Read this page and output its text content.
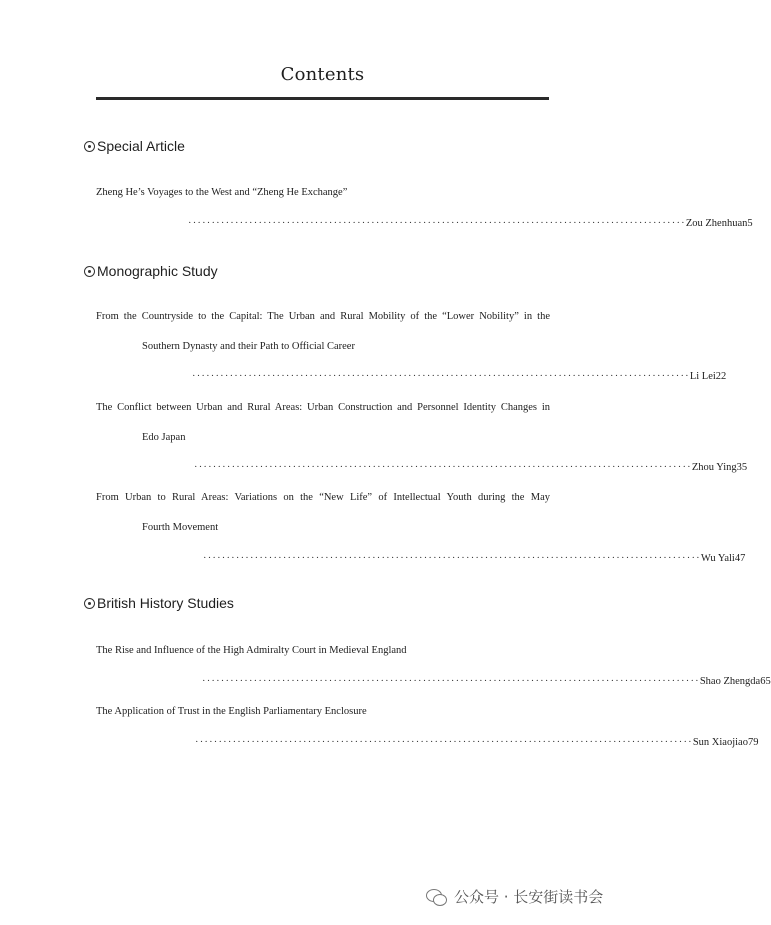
Contents
Special Article
Zheng He’s Voyages to the West and “Zheng He Exchange”
·········································································································· Zou Zhenhuan 5
Monographic Study
From the Countryside to the Capital: The Urban and Rural Mobility of the “Lower Nobility” in the
Southern Dynasty and their Path to Official Career
·········································································································· Li Lei 22
The Conflict between Urban and Rural Areas: Urban Construction and Personnel Identity Changes in
Edo Japan
·········································································································· Zhou Ying 35
From Urban to Rural Areas: Variations on the “New Life” of Intellectual Youth during the May
Fourth Movement
·········································································································· Wu Yali 47
British History Studies
The Rise and Influence of the High Admiralty Court in Medieval England
·········································································································· Shao Zhengda 65
The Application of Trust in the English Parliamentary Enclosure
·········································································································· Sun Xiaojiao 79
公众号 · 长安街读书会
